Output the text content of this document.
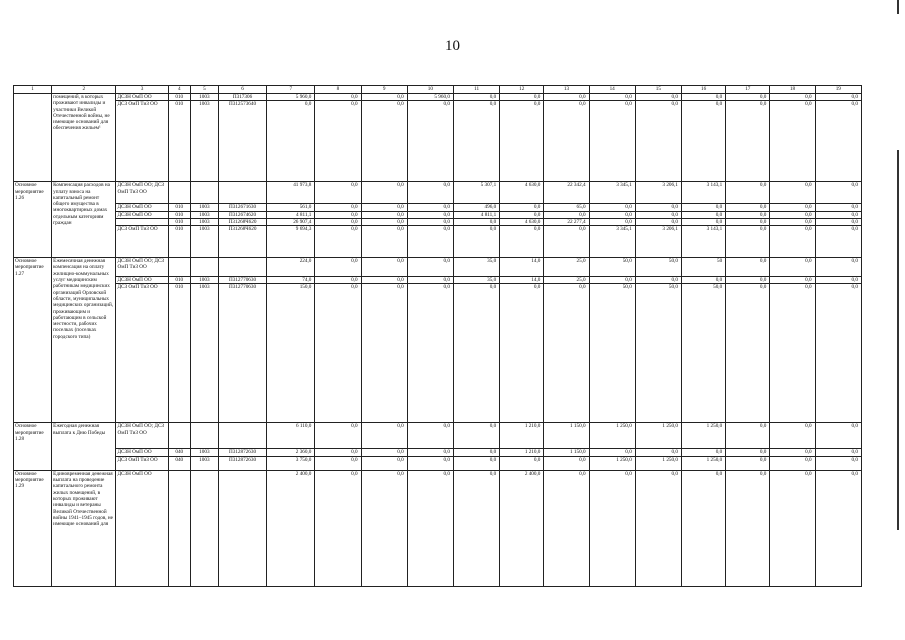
10
1	2	3	4	5	6	7	8	9	10	11	12	13	14	15	16	17	18	19
	помещений, в которых проживают инвалиды и участники Великой Отечественной войны, не имеющие оснований для обеспечения жильем¹	ДСЗН ОмП ОО	010	1003	П317306	5 960,0	0,0	0,0	5 960,0	0,0	0,0	0,0	0,0	0,0	0,0	0,0	0,0	0,0
		ДСЗ ОмП ТиЗ ОО	010	1003	П312573640	0,0	0,0	0,0	0,0	0,0	0,0	0,0	0,0	0,0	0,0	0,0	0,0	0,0
Основное мероприятие 1.26	Компенсация расходов на уплату взноса на капитальный ремонт общего имущества в многоквартирных домах отдельным категориям граждан	ДСЗН ОмП ОО; ДСЗ ОмП ТиЗ ОО				41 973,8	0,0	0,0	0,0	5 307,1	4 630,0	22 342,4	3 345,1	3 206,1	3 143,1	0,0	0,0	0,0
		ДСЗН ОмП ОО	010	1003	П312671630	561,0	0,0	0,0	0,0	496,0	0,0	65,0	0,0	0,0	0,0	0,0	0,0	0,0
		ДСЗН ОмП ОО	010	1003	П312674620	4 811,1	0,0	0,0	0,0	4 811,1	0,0	0,0	0,0	0,0	0,0	0,0	0,0	0,0
			010	1003	П31268Ч620	26 907,4	0,0	0,0	0,0	0,0	4 630,0	22 277,4	0,0	0,0	0,0	0,0	0,0	0,0
		ДСЗ ОмП ТиЗ ОО	010	1003	П31268Ч620	9 694,3	0,0	0,0	0,0	0,0	0,0	0,0	3 345,1	3 206,1	3 143,1	0,0	0,0	0,0
Основное мероприятие 1.27	Ежемесячная денежная компенсация на оплату жилищно-коммунальных услуг медицинским работникам медицинских организаций Орловской области, муниципальных медицинских организаций, проживающим и работающим в сельской местности, рабочих поселках (поселках городского типа)	ДСЗН ОмП ОО; ДСЗ ОмП ТиЗ ОО				224,0	0,0	0,0	0,0	35,0	14,0	25,0	50,0	50,0	50	0,0	0,0	0,0
		ДСЗН ОмП ОО	010	1003	П312770630	74,0	0,0	0,0	0,0	35,0	14,0	25,0	0,0	0,0	0,0	0,0	0,0	0,0
		ДСЗ ОмП ТиЗ ОО	010	1003	П312770630	150,0	0,0	0,0	0,0	0,0	0,0	0,0	50,0	50,0	50,0	0,0	0,0	0,0
Основное мероприятие 1.28	Ежегодная денежная выплата к Дню Победы	ДСЗН ОмП ОО; ДСЗ ОмП ТиЗ ОО				6 110,0	0,0	0,0	0,0	0,0	1 210,0	1 150,0	1 250,0	1 250,0	1 250,0	0,0	0,0	0,0
		ДСЗН ОмП ОО	040	1003	П312872630	2 360,0	0,0	0,0	0,0	0,0	1 210,0	1 150,0	0,0	0,0	0,0	0,0	0,0	0,0
		ДСЗ ОмП ТиЗ ОО	040	1003	П312872630	3 750,0	0,0	0,0	0,0	0,0	0,0	0,0	1 250,0	1 250,0	1 250,0	0,0	0,0	0,0
Основное мероприятие 1.29	Единовременная денежная выплата на проведение капитального ремонта жилых помещений, в которых проживают инвалиды и ветераны Великой Отечественной войны 1941–1945 годов, не имеющие оснований для	ДСЗН ОмП ОО				2 400,0	0,0	0,0	0,0	0,0	2 400,0	0,0	0,0	0,0	0,0	0,0	0,0	0,0
